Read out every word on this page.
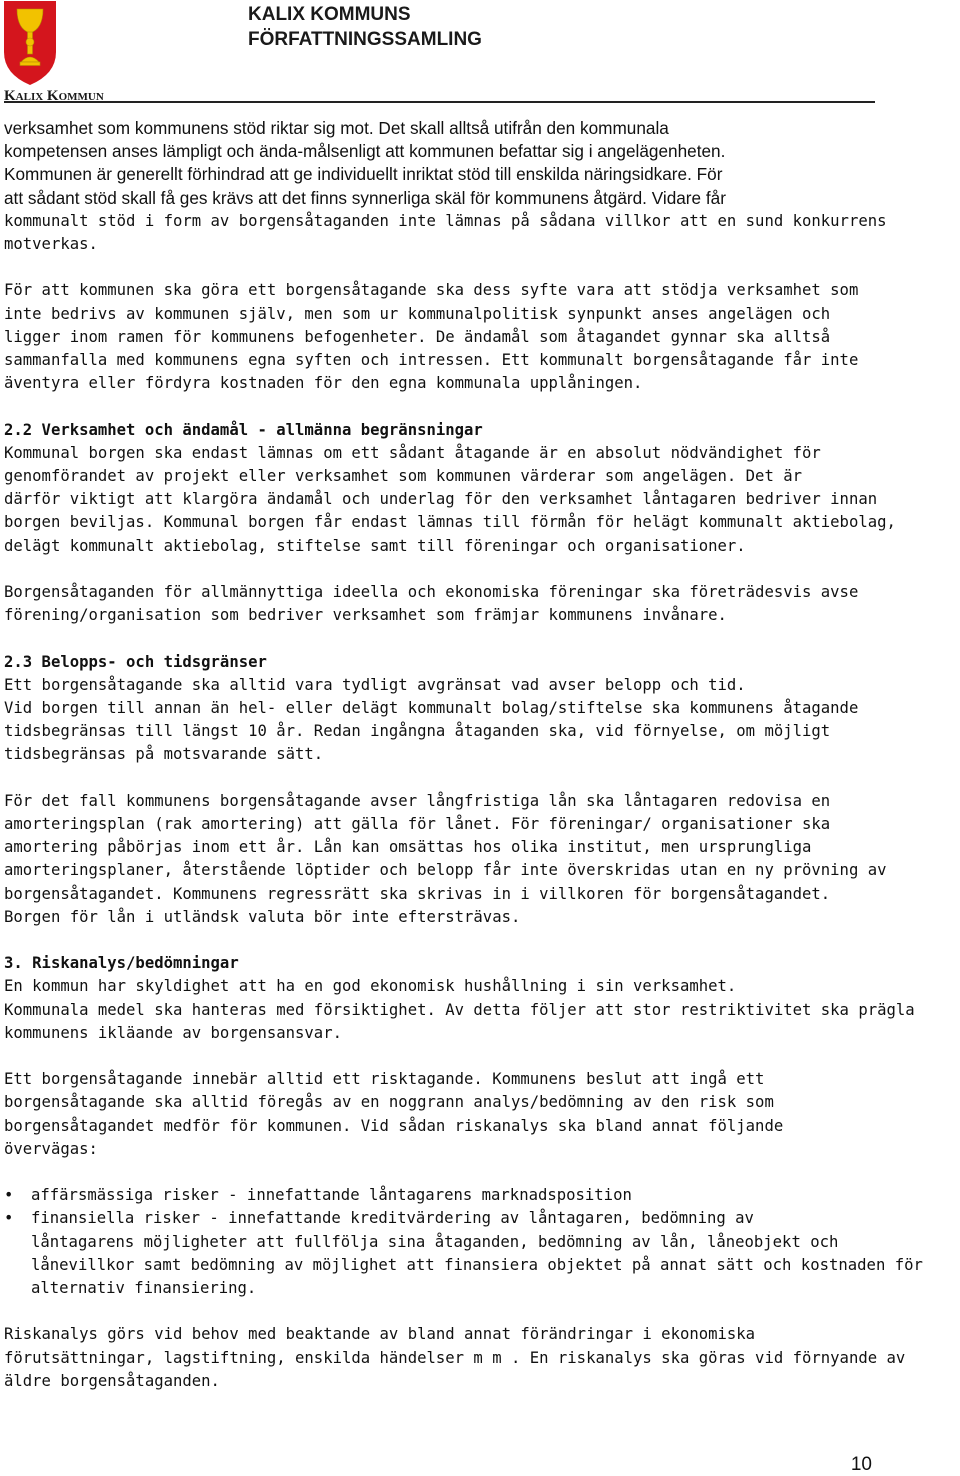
KALIX KOMMUNS
FÖRFATTNINGSSAMLING
Kalix Kommun
verksamhet som kommunens stöd riktar sig mot. Det skall alltså utifrån den kommunala
kompetensen anses lämpligt och ända-målsenligt att kommunen befattar sig i angelägenheten.
Kommunen är generellt förhindrad att ge individuellt inriktat stöd till enskilda näringsidkare. För
att sådant stöd skall få ges krävs att det finns synnerliga skäl för kommunens åtgärd. Vidare får
kommunalt stöd i form av borgensåtaganden inte lämnas på sådana villkor att en sund konkurrens
motverkas.
För att kommunen ska göra ett borgensåtagande ska dess syfte vara att stödja verksamhet som
inte bedrivs av kommunen själv, men som ur kommunalpolitisk synpunkt anses angelägen och
ligger inom ramen för kommunens befogenheter. De ändamål som åtagandet gynnar ska alltså
sammanfalla med kommunens egna syften och intressen. Ett kommunalt borgensåtagande får inte
äventyra eller fördyra kostnaden för den egna kommunala upplåningen.
2.2 Verksamhet och ändamål - allmänna begränsningar
Kommunal borgen ska endast lämnas om ett sådant åtagande är en absolut nödvändighet för
genomförandet av projekt eller verksamhet som kommunen värderar som angelägen. Det är
därför viktigt att klargöra ändamål och underlag för den verksamhet låntagaren bedriver innan
borgen beviljas. Kommunal borgen får endast lämnas till förmån för helägt kommunalt aktiebolag,
delägt kommunalt aktiebolag, stiftelse samt till föreningar och organisationer.
Borgensåtaganden för allmännyttiga ideella och ekonomiska föreningar ska företrädesvis avse
förening/organisation som bedriver verksamhet som främjar kommunens invånare.
2.3 Belopps- och tidsgränser
Ett borgensåtagande ska alltid vara tydligt avgränsat vad avser belopp och tid.
Vid borgen till annan än hel- eller delägt kommunalt bolag/stiftelse ska kommunens åtagande
tidsbegränsas till längst 10 år. Redan ingångna åtaganden ska, vid förnyelse, om möjligt
tidsbegränsas på motsvarande sätt.
För det fall kommunens borgensåtagande avser långfristiga lån ska låntagaren redovisa en
amorteringsplan (rak amortering) att gälla för lånet. För föreningar/ organisationer ska
amortering påbörjas inom ett år. Lån kan omsättas hos olika institut, men ursprungliga
amorteringsplaner, återstående löptider och belopp får inte överskridas utan en ny prövning av
borgensåtagandet. Kommunens regressrätt ska skrivas in i villkoren för borgensåtagandet.
Borgen för lån i utländsk valuta bör inte eftersträvas.
3. Riskanalys/bedömningar
En kommun har skyldighet att ha en god ekonomisk hushållning i sin verksamhet.
Kommunala medel ska hanteras med försiktighet. Av detta följer att stor restriktivitet ska prägla
kommunens ikläande av borgensansvar.
Ett borgensåtagande innebär alltid ett risktagande. Kommunens beslut att ingå ett
borgensåtagande ska alltid föregås av en noggrann analys/bedömning av den risk som
borgensåtagandet medför för kommunen. Vid sådan riskanalys ska bland annat följande
övervägas:
• affärsmässiga risker - innefattande låntagarens marknadsposition
• finansiella risker - innefattande kreditvärdering av låntagaren, bedömning av
låntagarens möjligheter att fullfölja sina åtaganden, bedömning av lån, låneobjekt och
lånevillkor samt bedömning av möjlighet att finansiera objektet på annat sätt och kostnaden för
alternativ finansiering.
Riskanalys görs vid behov med beaktande av bland annat förändringar i ekonomiska
förutsättningar, lagstiftning, enskilda händelser m m . En riskanalys ska göras vid förnyande av
äldre borgensåtaganden.
10
